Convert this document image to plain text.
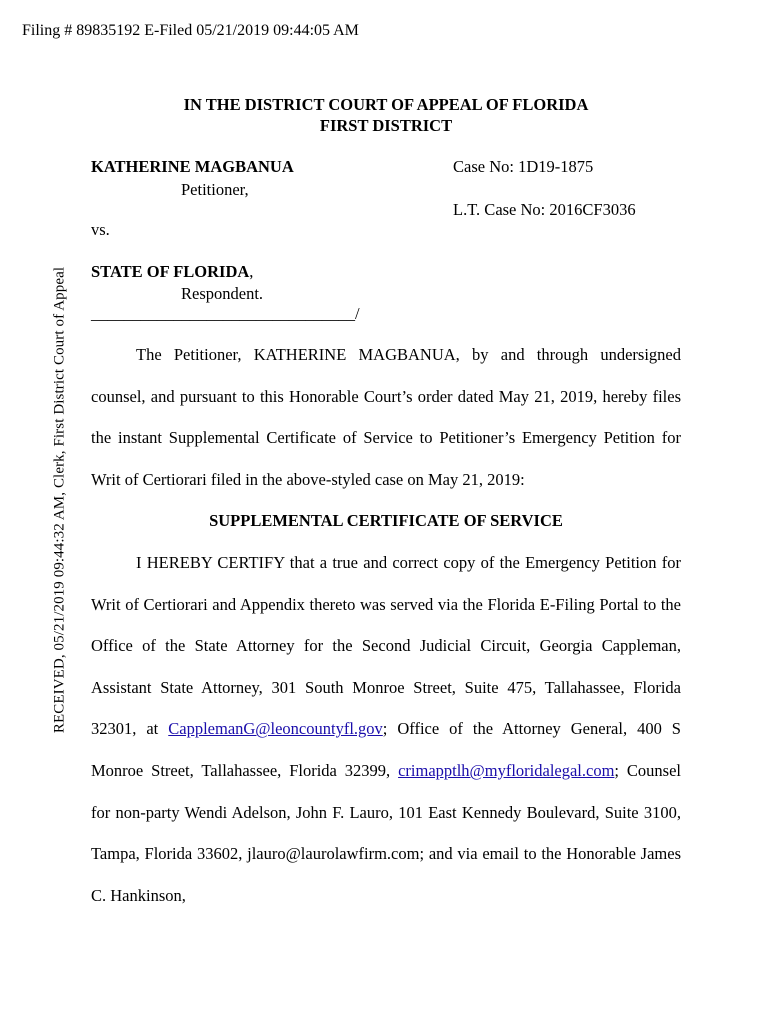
Filing # 89835192 E-Filed 05/21/2019 09:44:05 AM
RECEIVED, 05/21/2019 09:44:32 AM, Clerk, First District Court of Appeal
IN THE DISTRICT COURT OF APPEAL OF FLORIDA
FIRST DISTRICT
KATHERINE MAGBANUA
Petitioner,
Case No: 1D19-1875
L.T. Case No: 2016CF3036
vs.
STATE OF FLORIDA,
Respondent.
________________________________/
The Petitioner, KATHERINE MAGBANUA, by and through undersigned counsel, and pursuant to this Honorable Court’s order dated May 21, 2019, hereby files the instant Supplemental Certificate of Service to Petitioner’s Emergency Petition for Writ of Certiorari filed in the above-styled case on May 21, 2019:
SUPPLEMENTAL CERTIFICATE OF SERVICE
I HEREBY CERTIFY that a true and correct copy of the Emergency Petition for Writ of Certiorari and Appendix thereto was served via the Florida E-Filing Portal to the Office of the State Attorney for the Second Judicial Circuit, Georgia Cappleman, Assistant State Attorney, 301 South Monroe Street, Suite 475, Tallahassee, Florida 32301, at CapplemanG@leoncountyfl.gov; Office of the Attorney General, 400 S Monroe Street, Tallahassee, Florida 32399, crimapptlh@myfloridalegal.com; Counsel for non-party Wendi Adelson, John F. Lauro, 101 East Kennedy Boulevard, Suite 3100, Tampa, Florida 33602, jlauro@laurolawfirm.com; and via email to the Honorable James C. Hankinson,
